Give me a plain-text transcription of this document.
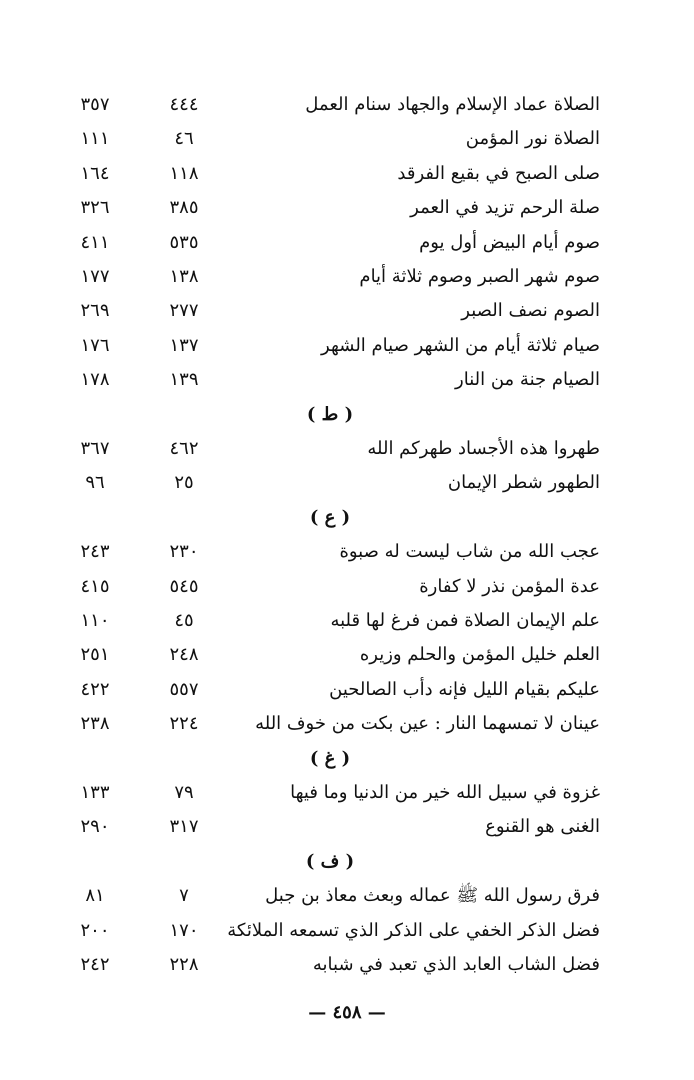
الصلاة عماد الإسلام والجهاد سنام العمل
٤٤٤
٣٥٧
الصلاة نور المؤمن
٤٦
١١١
صلى الصبح في بقيع الفرقد
١١٨
١٦٤
صلة الرحم تزيد في العمر
٣٨٥
٣٢٦
صوم أيام البيض أول يوم
٥٣٥
٤١١
صوم شهر الصبر وصوم ثلاثة أيام
١٣٨
١٧٧
الصوم نصف الصبر
٢٧٧
٢٦٩
صيام ثلاثة أيام من الشهر صيام الشهر
١٣٧
١٧٦
الصيام جنة من النار
١٣٩
١٧٨
( ط )
طهروا هذه الأجساد طهركم الله
٤٦٢
٣٦٧
الطهور شطر الإيمان
٢٥
٩٦
( ع )
عجب الله من شاب ليست له صبوة
٢٣٠
٢٤٣
عدة المؤمن نذر لا كفارة
٥٤٥
٤١٥
علم الإيمان الصلاة فمن فرغ لها قلبه
٤٥
١١٠
العلم خليل المؤمن والحلم وزيره
٢٤٨
٢٥١
عليكم بقيام الليل فإنه دأب الصالحين
٥٥٧
٤٢٢
عينان لا تمسهما النار : عين بكت من خوف الله
٢٢٤
٢٣٨
( غ )
غزوة في سبيل الله خير من الدنيا وما فيها
٧٩
١٣٣
الغنى هو القنوع
٣١٧
٢٩٠
( ف )
فرق رسول الله ﷺ عماله وبعث معاذ بن جبل
٧
٨١
فضل الذكر الخفي على الذكر الذي تسمعه الملائكة
١٧٠
٢٠٠
فضل الشاب العابد الذي تعبد في شبابه
٢٢٨
٢٤٢
— ٤٥٨ —
